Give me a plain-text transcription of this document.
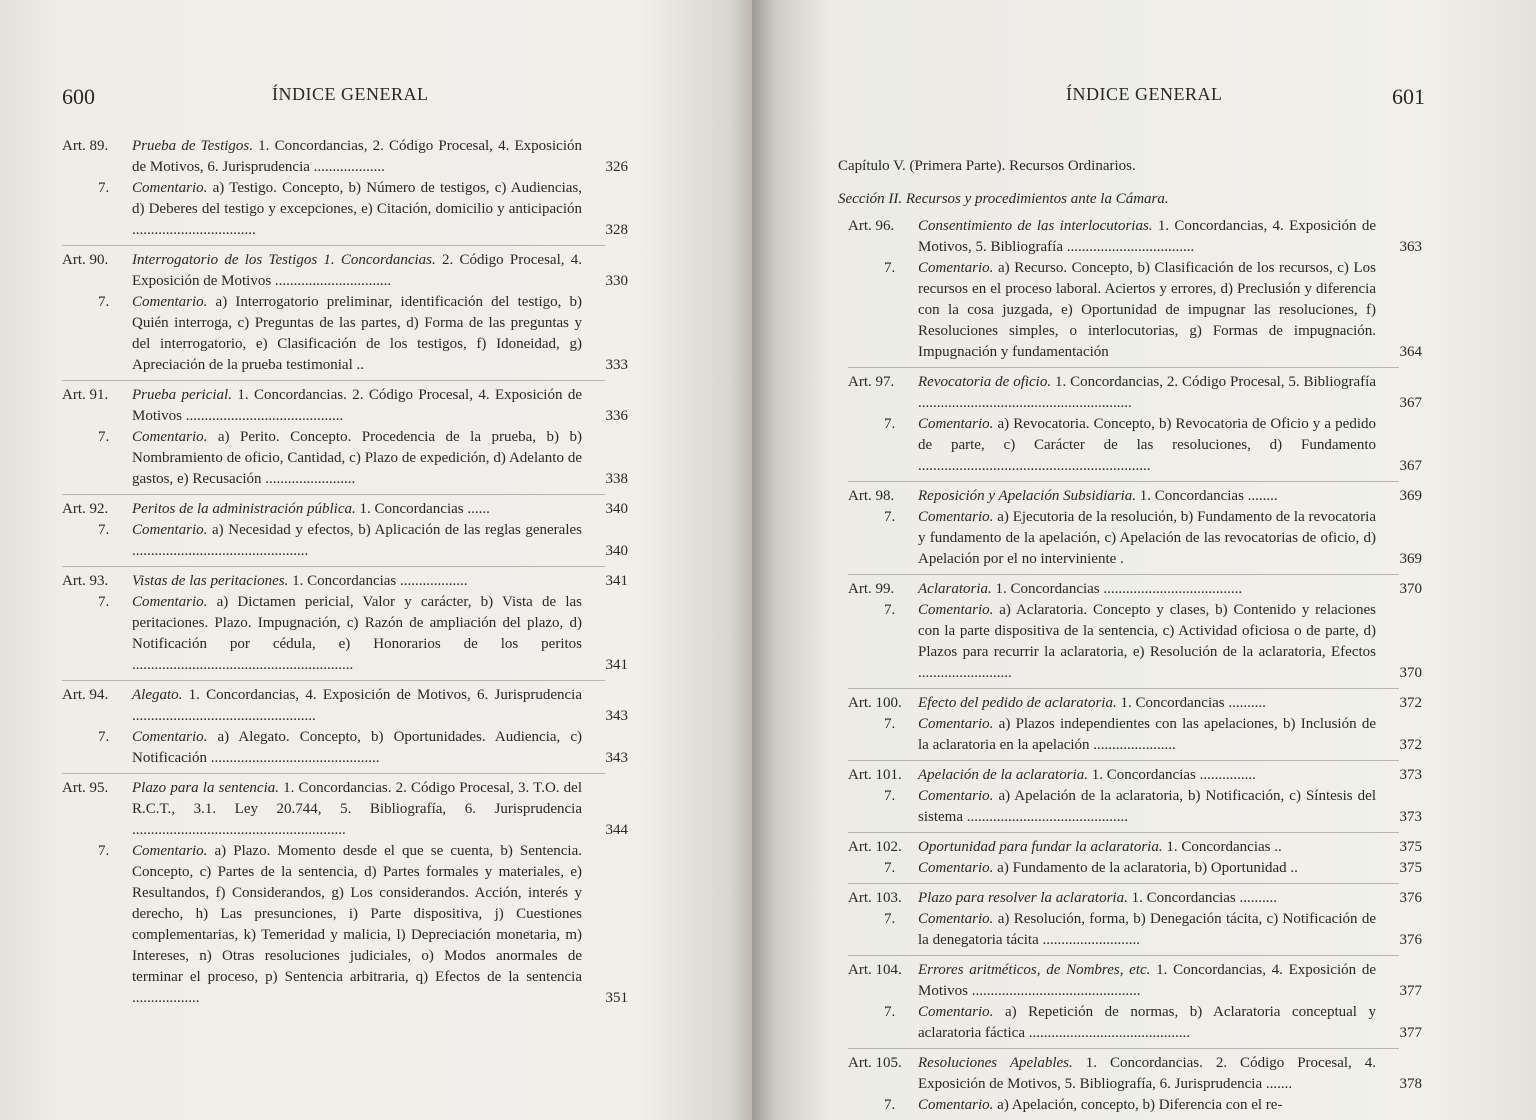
600	ÍNDICE GENERAL
Art. 89. Prueba de Testigos. 1. Concordancias, 2. Código Procesal, 4. Exposición de Motivos, 6. Jurisprudencia ...................	326
7. Comentario. a) Testigo. Concepto, b) Número de testigos, c) Audiencias, d) Deberes del testigo y excepciones, e) Citación, domicilio y anticipación .................................	328
Art. 90. Interrogatorio de los Testigos 1. Concordancias. 2. Código Procesal, 4. Exposición de Motivos ...............................	330
7. Comentario. a) Interrogatorio preliminar, identificación del testigo, b) Quién interroga, c) Preguntas de las partes, d) Forma de las preguntas y del interrogatorio, e) Clasificación de los testigos, f) Idoneidad, g) Apreciación de la prueba testimonial ..	333
Art. 91. Prueba pericial. 1. Concordancias. 2. Código Procesal, 4. Exposición de Motivos ..........................................	336
7. Comentario. a) Perito. Concepto. Procedencia de la prueba, b) b) Nombramiento de oficio, Cantidad, c) Plazo de expedición, d) Adelanto de gastos, e) Recusación ........................	338
Art. 92. Peritos de la administración pública. 1. Concordancias ......	340
7. Comentario. a) Necesidad y efectos, b) Aplicación de las reglas generales ...............................................	340
Art. 93. Vistas de las peritaciones. 1. Concordancias ..................	341
7. Comentario. a) Dictamen pericial, Valor y carácter, b) Vista de las peritaciones. Plazo. Impugnación, c) Razón de ampliación del plazo, d) Notificación por cédula, e) Honorarios de los peritos ...........................................................	341
Art. 94. Alegato. 1. Concordancias, 4. Exposición de Motivos, 6. Jurisprudencia .................................................	343
7. Comentario. a) Alegato. Concepto, b) Oportunidades. Audiencia, c) Notificación .............................................	343
Art. 95. Plazo para la sentencia. 1. Concordancias. 2. Código Procesal, 3. T.O. del R.C.T., 3.1. Ley 20.744, 5. Bibliografía, 6. Jurisprudencia .........................................................	344
7. Comentario. a) Plazo. Momento desde el que se cuenta, b) Sentencia. Concepto, c) Partes de la sentencia, d) Partes formales y materiales, e) Resultandos, f) Considerandos, g) Los considerandos. Acción, interés y derecho, h) Las presunciones, i) Parte dispositiva, j) Cuestiones complementarias, k) Temeridad y malicia, l) Depreciación monetaria, m) Intereses, n) Otras resoluciones judiciales, o) Modos anormales de terminar el proceso, p) Sentencia arbitraria, q) Efectos de la sentencia ..................	351
ÍNDICE GENERAL	601
Capítulo V. (Primera Parte). Recursos Ordinarios.
Sección II. Recursos y procedimientos ante la Cámara.
Art. 96. Consentimiento de las interlocutorias. 1. Concordancias, 4. Exposición de Motivos, 5. Bibliografía ..................................	363
7. Comentario. a) Recurso. Concepto, b) Clasificación de los recursos, c) Los recursos en el proceso laboral. Aciertos y errores, d) Preclusión y diferencia con la cosa juzgada, e) Oportunidad de impugnar las resoluciones, f) Resoluciones simples, o interlocutorias, g) Formas de impugnación. Impugnación y fundamentación	364
Art. 97. Revocatoria de oficio. 1. Concordancias, 2. Código Procesal, 5. Bibliografía .........................................................	367
7. Comentario. a) Revocatoria. Concepto, b) Revocatoria de Oficio y a pedido de parte, c) Carácter de las resoluciones, d) Fundamento ..............................................................	367
Art. 98. Reposición y Apelación Subsidiaria. 1. Concordancias ........	369
7. Comentario. a) Ejecutoria de la resolución, b) Fundamento de la revocatoria y fundamento de la apelación, c) Apelación de las revocatorias de oficio, d) Apelación por el no interviniente .	369
Art. 99. Aclaratoria. 1. Concordancias .....................................	370
7. Comentario. a) Aclaratoria. Concepto y clases, b) Contenido y relaciones con la parte dispositiva de la sentencia, c) Actividad oficiosa o de parte, d) Plazos para recurrir la aclaratoria, e) Resolución de la aclaratoria, Efectos .........................	370
Art. 100. Efecto del pedido de aclaratoria. 1. Concordancias ..........	372
7. Comentario. a) Plazos independientes con las apelaciones, b) Inclusión de la aclaratoria en la apelación ......................	372
Art. 101. Apelación de la aclaratoria. 1. Concordancias ...............	373
7. Comentario. a) Apelación de la aclaratoria, b) Notificación, c) Síntesis del sistema ...........................................	373
Art. 102. Oportunidad para fundar la aclaratoria. 1. Concordancias ..	375
7. Comentario. a) Fundamento de la aclaratoria, b) Oportunidad ..	375
Art. 103. Plazo para resolver la aclaratoria. 1. Concordancias ..........	376
7. Comentario. a) Resolución, forma, b) Denegación tácita, c) Notificación de la denegatoria tácita ..........................	376
Art. 104. Errores aritméticos, de Nombres, etc. 1. Concordancias, 4. Exposición de Motivos .............................................	377
7. Comentario. a) Repetición de normas, b) Aclaratoria conceptual y aclaratoria fáctica ...........................................	377
Art. 105. Resoluciones Apelables. 1. Concordancias. 2. Código Procesal, 4. Exposición de Motivos, 5. Bibliografía, 6. Jurisprudencia .......	378
7. Comentario. a) Apelación, concepto, b) Diferencia con el re-
